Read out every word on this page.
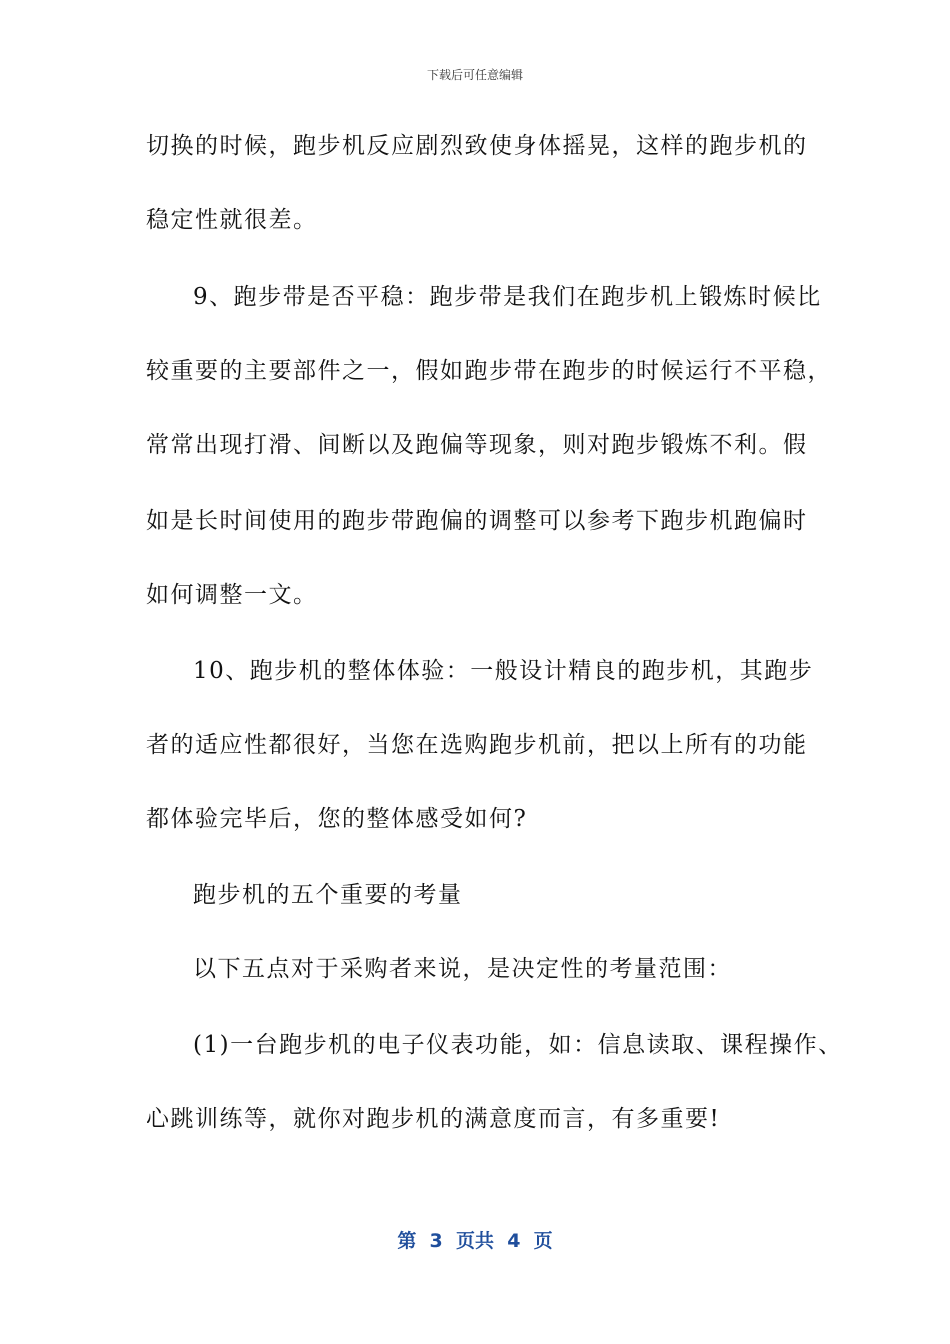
下载后可任意编辑
切换的时候，跑步机反应剧烈致使身体摇晃，这样的跑步机的
稳定性就很差。
9、跑步带是否平稳：跑步带是我们在跑步机上锻炼时候比
较重要的主要部件之一，假如跑步带在跑步的时候运行不平稳，
常常出现打滑、间断以及跑偏等现象，则对跑步锻炼不利。假
如是长时间使用的跑步带跑偏的调整可以参考下跑步机跑偏时
如何调整一文。
10、跑步机的整体体验：一般设计精良的跑步机，其跑步
者的适应性都很好，当您在选购跑步机前，把以上所有的功能
都体验完毕后，您的整体感受如何?
跑步机的五个重要的考量
以下五点对于采购者来说，是决定性的考量范围：
(1)一台跑步机的电子仪表功能，如：信息读取、课程操作、
心跳训练等，就你对跑步机的满意度而言，有多重要!
第  3  页共  4  页
